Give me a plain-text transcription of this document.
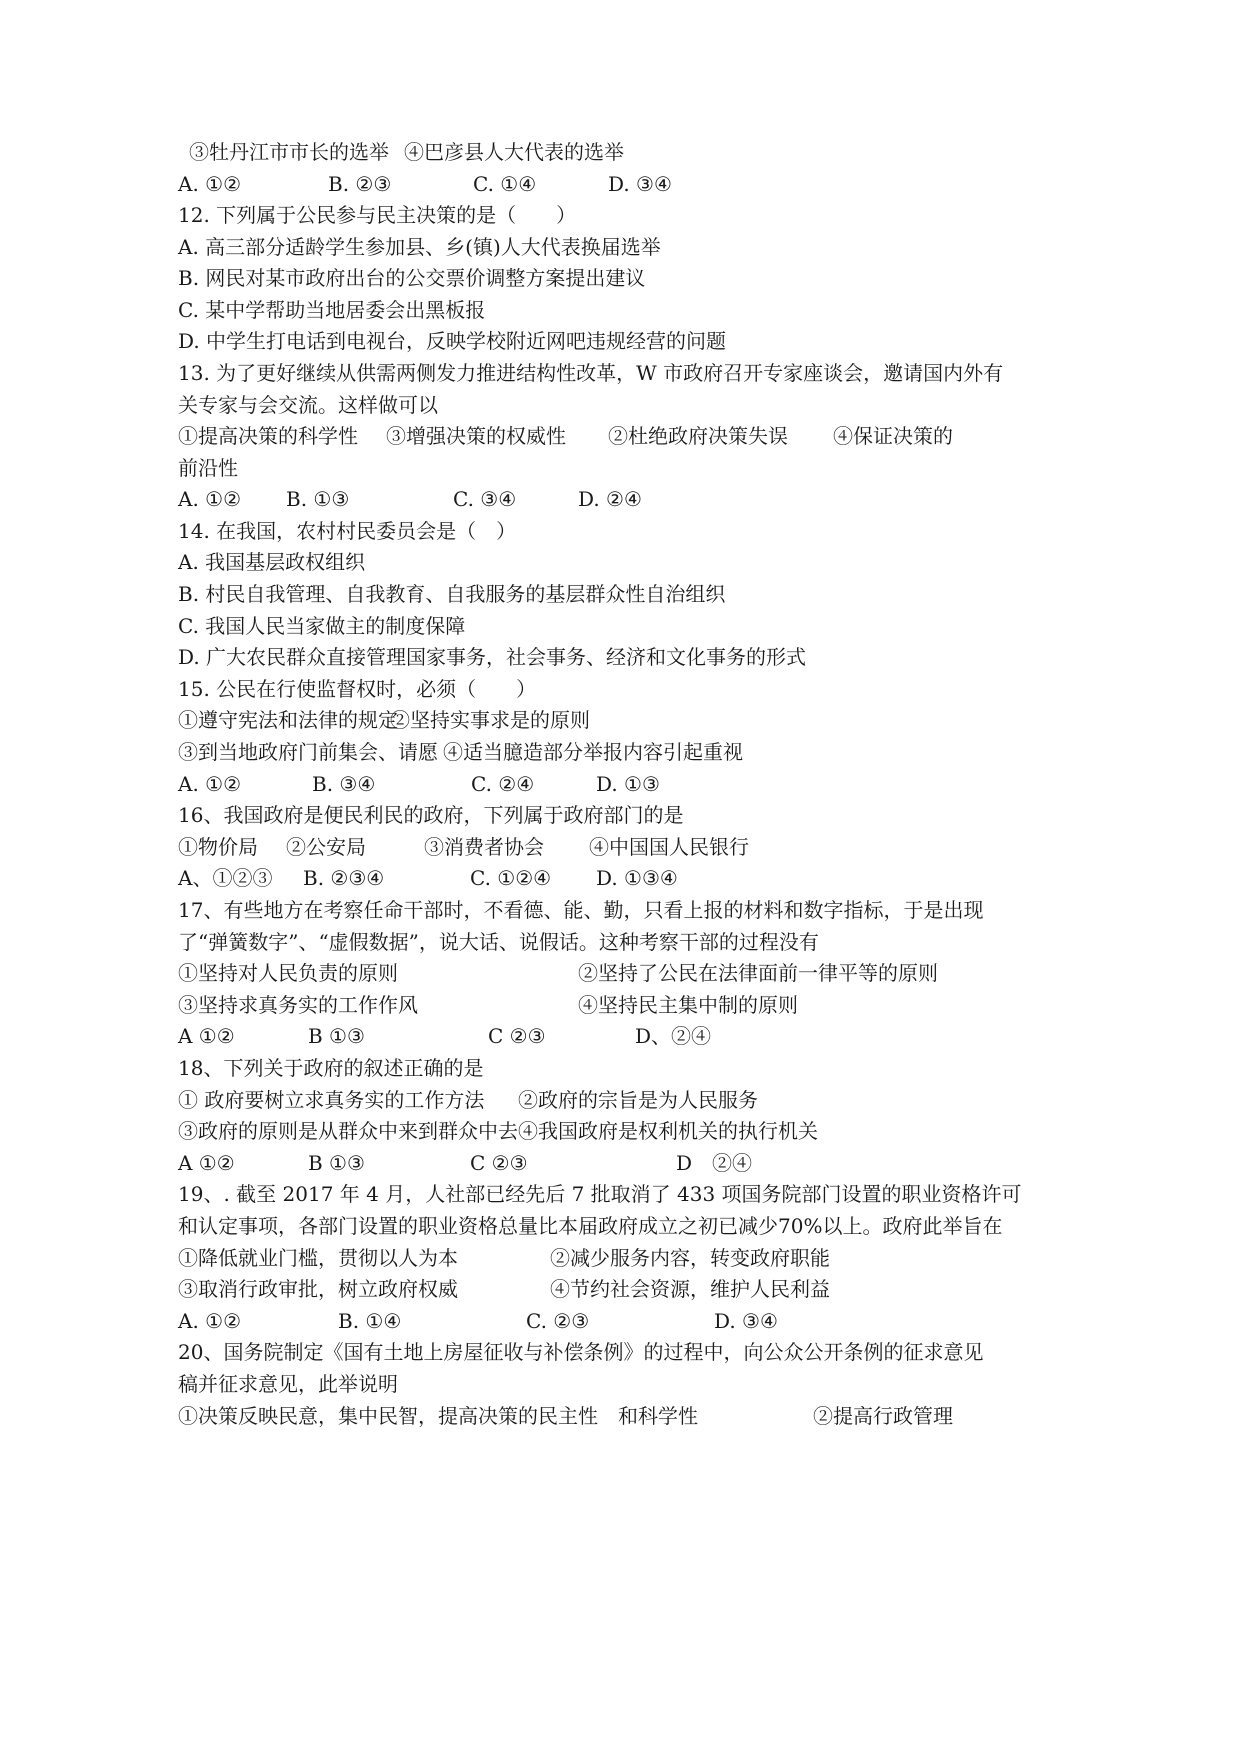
③牡丹江市市长的选举 ④巴彦县人大代表的选举
A. ①②	B. ②③	C. ①④	D. ③④
12. 下列属于公民参与民主决策的是（　　）
A. 高三部分适龄学生参加县、乡(镇)人大代表换届选举
B. 网民对某市政府出台的公交票价调整方案提出建议
C. 某中学帮助当地居委会出黑板报
D. 中学生打电话到电视台，反映学校附近网吧违规经营的问题
13. 为了更好继续从供需两侧发力推进结构性改革，W 市政府召开专家座谈会，邀请国内外有
关专家与会交流。这样做可以
①提高决策的科学性 ③增强决策的权威性 ②杜绝政府决策失误 ④保证决策的
前沿性
A. ①② B. ①③	C. ③④	D. ②④
14. 在我国，农村村民委员会是（　）
A. 我国基层政权组织
B. 村民自我管理、自我教育、自我服务的基层群众性自治组织
C. 我国人民当家做主的制度保障
D. 广大农民群众直接管理国家事务，社会事务、经济和文化事务的形式
15. 公民在行使监督权时，必须（　　）
①遵守宪法和法律的规定
②坚持实事求是的原则
③到当地政府门前集会、请愿 ④适当臆造部分举报内容引起重视
A. ①②	B. ③④	C. ②④	D. ①③
16、我国政府是便民利民的政府，下列属于政府部门的是
①物价局 ②公安局	③消费者协会 ④中国国人民银行
A、①②③ B. ②③④	C. ①②④ D. ①③④
17、有些地方在考察任命干部时，不看德、能、勤，只看上报的材料和数字指标，于是出现
了“弹簧数字”、“虚假数据”，说大话、说假话。这种考察干部的过程没有
①坚持对人民负责的原则	②坚持了公民在法律面前一律平等的原则
③坚持求真务实的工作作风	④坚持民主集中制的原则
A ①②	B ①③	C ②③	D、②④
18、下列关于政府的叙述正确的是
① 政府要树立求真务实的工作方法 ②政府的宗旨是为人民服务
③政府的原则是从群众中来到群众中去 ④我国政府是权利机关的执行机关
A ①②	B ①③	C ②③	D　②④
19、. 截至 2017 年 4 月，人社部已经先后 7 批取消了 433 项国务院部门设置的职业资格许可
和认定事项，各部门设置的职业资格总量比本届政府成立之初已减少70%以上。政府此举旨在
①降低就业门槛，贯彻以人为本	②减少服务内容，转变政府职能
③取消行政审批，树立政府权威	④节约社会资源，维护人民利益
A. ①②	B. ①④	C. ②③	D. ③④
20、国务院制定《国有土地上房屋征收与补偿条例》的过程中，向公众公开条例的征求意见
稿并征求意见，此举说明
①决策反映民意，集中民智，提高决策的民主性　和科学性	②提高行政管理
